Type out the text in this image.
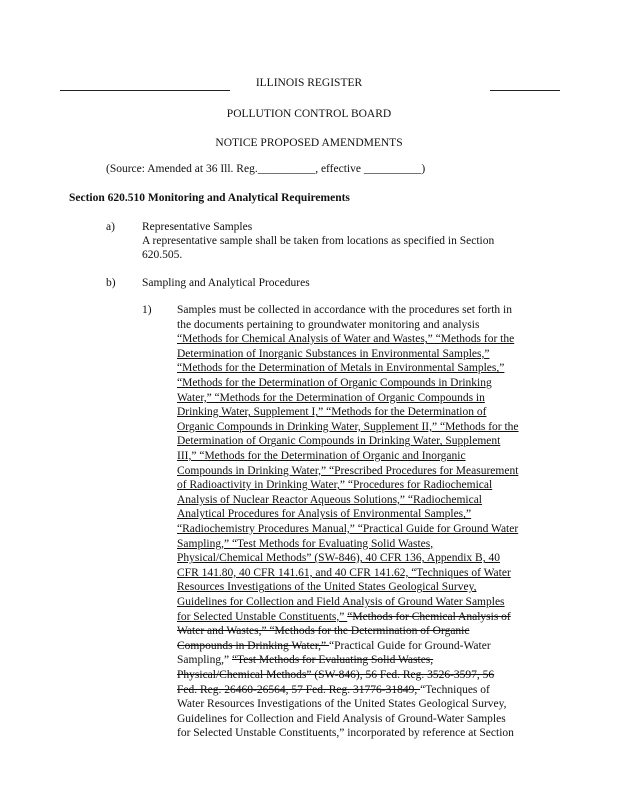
ILLINOIS REGISTER
POLLUTION CONTROL BOARD
NOTICE PROPOSED AMENDMENTS
(Source: Amended at 36 Ill. Reg.__________, effective __________)
Section 620.510 Monitoring and Analytical Requirements
a) Representative Samples
A representative sample shall be taken from locations as specified in Section
620.505.
b) Sampling and Analytical Procedures
1) Samples must be collected in accordance with the procedures set forth in
the documents pertaining to groundwater monitoring and analysis
“Methods for Chemical Analysis of Water and Wastes,” “Methods for the
Determination of Inorganic Substances in Environmental Samples,”
“Methods for the Determination of Metals in Environmental Samples,”
“Methods for the Determination of Organic Compounds in Drinking
Water,” “Methods for the Determination of Organic Compounds in
Drinking Water, Supplement I,” “Methods for the Determination of
Organic Compounds in Drinking Water, Supplement II,” “Methods for the
Determination of Organic Compounds in Drinking Water, Supplement
III,” “Methods for the Determination of Organic and Inorganic
Compounds in Drinking Water,” “Prescribed Procedures for Measurement
of Radioactivity in Drinking Water,” “Procedures for Radiochemical
Analysis of Nuclear Reactor Aqueous Solutions,” “Radiochemical
Analytical Procedures for Analysis of Environmental Samples,”
“Radiochemistry Procedures Manual,” “Practical Guide for Ground Water
Sampling,” “Test Methods for Evaluating Solid Wastes,
Physical/Chemical Methods” (SW-846), 40 CFR 136, Appendix B, 40
CFR 141.80, 40 CFR 141.61, and 40 CFR 141.62, “Techniques of Water
Resources Investigations of the United States Geological Survey,
Guidelines for Collection and Field Analysis of Ground Water Samples
for Selected Unstable Constituents,” “Methods for Chemical Analysis of
Water and Wastes,” “Methods for the Determination of Organic
Compounds in Drinking Water,” “Practical Guide for Ground-Water
Sampling,” “Test Methods for Evaluating Solid Wastes,
Physical/Chemical Methods” (SW-846), 56 Fed. Reg. 3526-3597, 56
Fed. Reg. 26460-26564, 57 Fed. Reg. 31776-31849, “Techniques of
Water Resources Investigations of the United States Geological Survey,
Guidelines for Collection and Field Analysis of Ground-Water Samples
for Selected Unstable Constituents,” incorporated by reference at Section
